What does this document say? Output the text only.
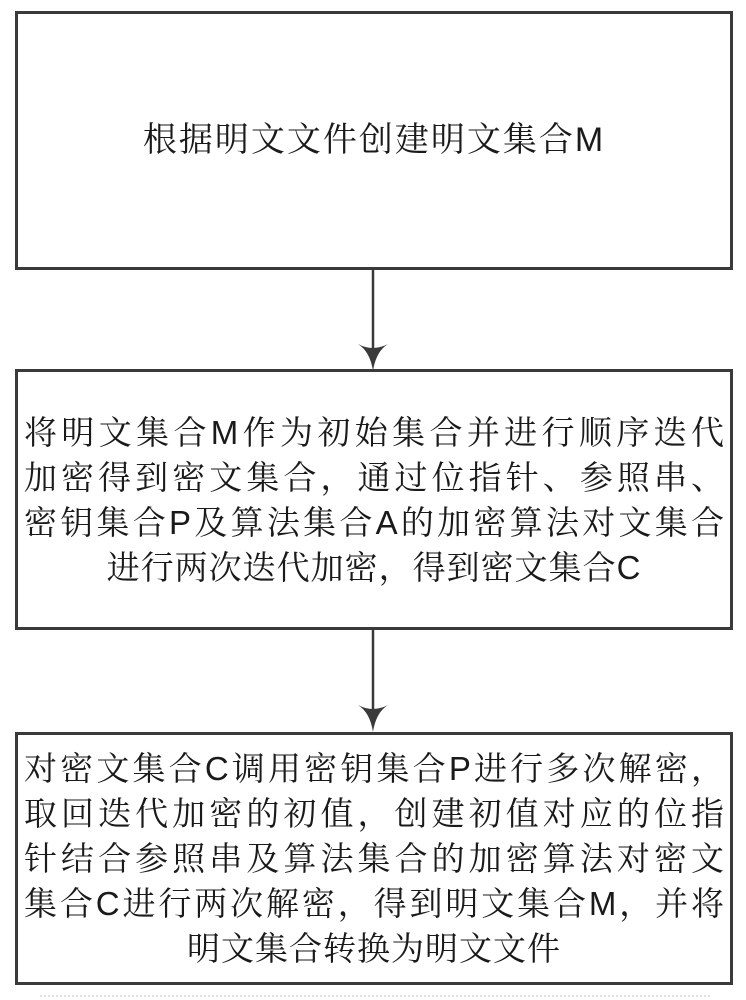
根据明文文件创建明文集合M
将明文集合M作为初始集合并进行顺序迭代
加密得到密文集合，通过位指针、参照串、
密钥集合P及算法集合A的加密算法对文集合
进行两次迭代加密，得到密文集合C
对密文集合C调用密钥集合P进行多次解密，
取回迭代加密的初值，创建初值对应的位指
针结合参照串及算法集合的加密算法对密文
集合C进行两次解密，得到明文集合M，并将
明文集合转换为明文文件
